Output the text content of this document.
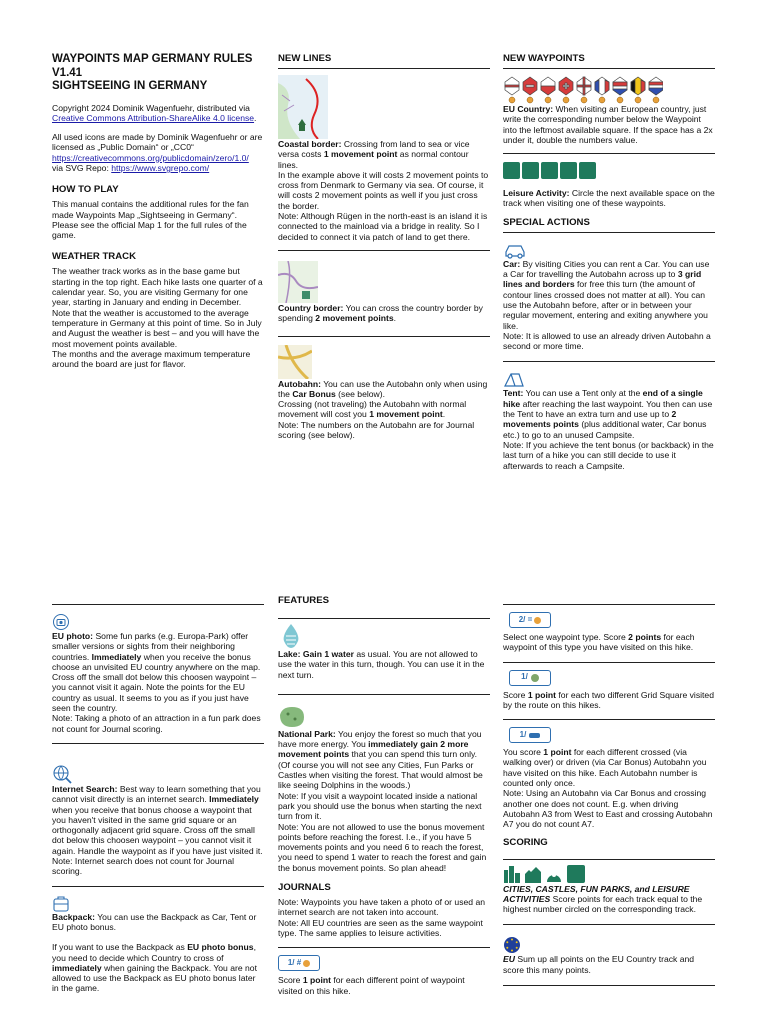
WAYPOINTS MAP GERMANY RULES V1.41
SIGHTSEEING IN GERMANY

Copyright 2024 Dominik Wagenfuehr, distributed via Creative Commons Attribution-ShareAlike 4.0 license.

All used icons are made by Dominik Wagenfuehr or are licensed as „Public Domain“ or „CC0“ https://creativecommons.org/publicdomain/zero/1.0/
via SVG Repo: https://www.svgrepo.com/

HOW TO PLAY

This manual contains the additional rules for the fan made Waypoints Map „Sightseeing in Germany“. Please see the official Map 1 for the full rules of the game.

WEATHER TRACK

The weather track works as in the base game but starting in the top right. Each hike lasts one quarter of a calendar year. So, you are visiting Germany for one year, starting in January and ending in December.

Note that the weather is accustomed to the average temperature in Germany at this point of time. So in July and August the weather is best – and you will have the most movement points available.

The months and the average maximum temperature around the board are just for flavor.

NEW LINES

Coastal border: Crossing from land to sea or vice versa costs 1 movement point as normal contour lines.

In the example above it will costs 2 movement points to cross from Denmark to Germany via sea. Of course, it will costs 2 movement points as well if you just cross the border.

Note: Although Rügen in the north-east is an island it is connected to the mainload via a bridge in reality. So I decided to connect it via patch of land to get there.

Country border: You can cross the country border by spending 2 movement points.

Autobahn: You can use the Autobahn only when using the Car Bonus (see below).

Crossing (not traveling) the Autobahn with normal movement will cost you 1 movement point.

Note: The numbers on the Autobahn are for Journal scoring (see below).

NEW WAYPOINTS

EU Country: When visiting an European country, just write the corresponding number below the Waypoint into the leftmost available square. If the space has a 2x under it, double the numbers value.

Leisure Activity: Circle the next available space on the track when visiting one of these waypoints.

SPECIAL ACTIONS

Car: By visiting Cities you can rent a Car. You can use a Car for travelling the Autobahn across up to 3 grid lines and borders for free this turn (the amount of contour lines crossed does not matter at all). You can use the Autobahn before, after or in between your regular movement, entering and exiting anywhere you like.

Note: It is allowed to use an already driven Autobahn a second or more time.

Tent: You can use a Tent only at the end of a single hike after reaching the last waypoint. You then can use the Tent to have an extra turn and use up to 2 movements points (plus additional water, Car bonus etc.) to go to an unused Campsite.

Note: If you achieve the tent bonus (or backback) in the last turn of a hike you can still decide to use it afterwards to reach a Campsite.

EU photo: Some fun parks (e.g. Europa-Park) offer smaller versions or sights from their neighboring countries. Immediately when you receive the bonus choose an unvisited EU country anywhere on the map. Cross off the small dot below this choosen waypoint – you cannot visit it again. Note the points for the EU country as usual. It seems to you as if you just have seen the country.

Note: Taking a photo of an attraction in a fun park does not count for Journal scoring.

Internet Search: Best way to learn something that you cannot visit directly is an internet search. Immediately when you receive that bonus choose a waypoint that you haven't visited in the same grid square or an orthogonally adjacent grid square. Cross off the small dot below this choosen waypoint – you cannot visit it again. Handle the waypoint as if you have just visited it.

Note: Internet search does not count for Journal scoring.

Backpack: You can use the Backpack as Car, Tent or EU photo bonus.

If you want to use the Backpack as EU photo bonus, you need to decide which Country to cross of immediately when gaining the Backpack. You are not allowed to use the Backpack as EU photo bonus later in the game.

FEATURES

Lake: Gain 1 water as usual. You are not allowed to use the water in this turn, though. You can use it in the next turn.

National Park: You enjoy the forest so much that you have more energy. You immediately gain 2 more movement points that you can spend this turn only.

(Of course you will not see any Cities, Fun Parks or Castles when visiting the forest. That would almost be like seeing Dolphins in the woods.)

Note: If you visit a waypoint located inside a national park you should use the bonus when starting the next turn from it.

Note: You are not allowed to use the bonus movement points before reaching the forest. I.e., if you have 5 movements points and you need 6 to reach the forest, you need to spend 1 water to reach the forest and gain the bonus movement points. So plan ahead!

JOURNALS

Note: Waypoints you have taken a photo of or used an internet search are not taken into account.

Note: All EU countries are seen as the same waypoint type. The same applies to leisure activities.

1/ #

Score 1 point for each different point of waypoint visited on this hike.

2/ =

Select one waypoint type. Score 2 points for each waypoint of this type you have visited on this hike.

1/

Score 1 point for each two different Grid Square visited by the route on this hikes.

1/

You score 1 point for each different crossed (via walking over) or driven (via Car Bonus) Autobahn you have visited on this hike. Each Autobahn number is counted only once.

Note: Using an Autobahn via Car Bonus and crossing another one does not count. E.g. when driving Autobahn A3 from West to East and crossing Autobahn A7 you do not count A7.

SCORING

CITIES, CASTLES, FUN PARKS, and LEISURE ACTIVITIES Score points for each track equal to the highest number circled on the corresponding track.

EU Sum up all points on the EU Country track and score this many points.
